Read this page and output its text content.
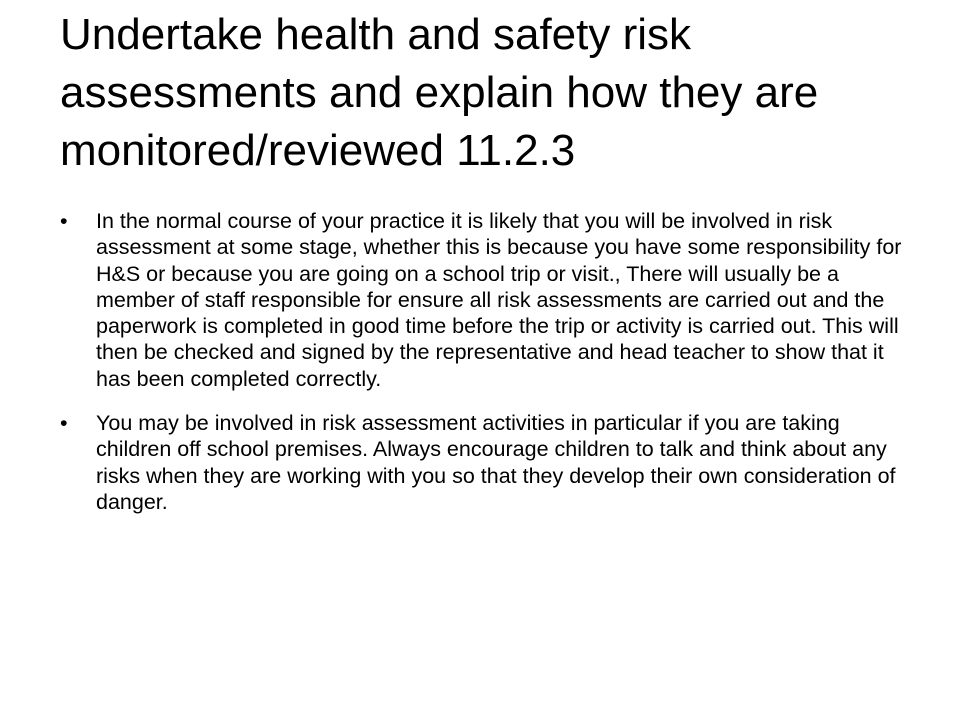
Undertake health and safety risk assessments and explain how they are monitored/reviewed 11.2.3
•	In the normal course of your practice it is likely that you will be involved in risk assessment at some stage, whether this is because you have some responsibility for H&S or because you are going on a school trip or visit., There will usually be a member of staff responsible for ensure all risk assessments are carried out and the paperwork is completed in good time before the trip or activity is carried out. This will then be checked and signed by the representative and head teacher to show that it has been completed correctly.
•	You may be involved in risk assessment activities in particular if you are taking children off school premises. Always encourage children to talk and think about any risks when they are working with you so that they develop their own consideration of danger.
